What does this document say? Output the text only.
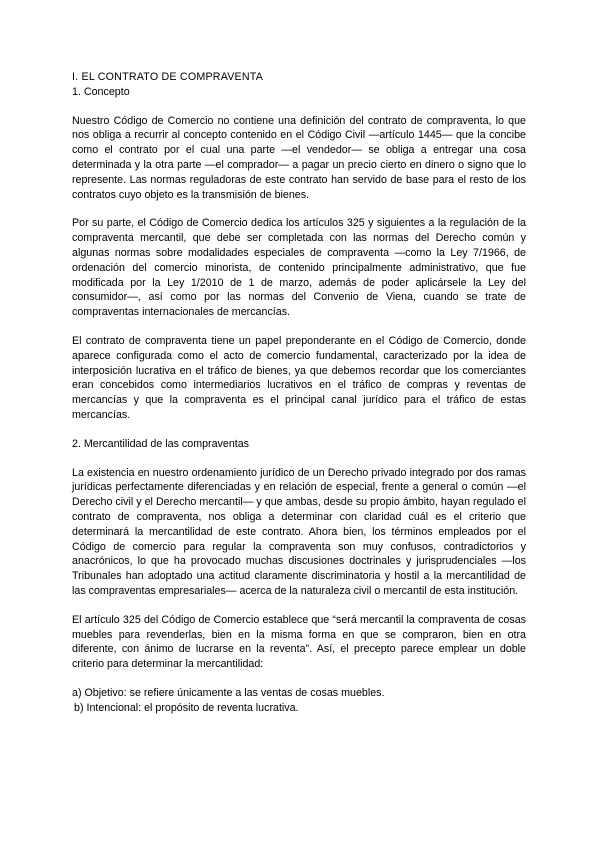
I. EL CONTRATO DE COMPRAVENTA
1. Concepto

Nuestro Código de Comercio no contiene una definición del contrato de compraventa, lo que nos obliga a recurrir al concepto contenido en el Código Civil —artículo 1445— que la concibe como el contrato por el cual una parte —el vendedor— se obliga a entregar una cosa determinada y la otra parte —el comprador— a pagar un precio cierto en dinero o signo que lo represente. Las normas reguladoras de este contrato han servido de base para el resto de los contratos cuyo objeto es la transmisión de bienes.

Por su parte, el Código de Comercio dedica los artículos 325 y siguientes a la regulación de la compraventa mercantil, que debe ser completada con las normas del Derecho común y algunas normas sobre modalidades especiales de compraventa —como la Ley 7/1966, de ordenación del comercio minorista, de contenido principalmente administrativo, que fue modificada por la Ley 1/2010 de 1 de marzo, además de poder aplicársele la Ley del consumidor—, así como por las normas del Convenio de Viena, cuando se trate de compraventas internacionales de mercancías.

El contrato de compraventa tiene un papel preponderante en el Código de Comercio, donde aparece configurada como el acto de comercio fundamental, caracterizado por la idea de interposición lucrativa en el tráfico de bienes, ya que debemos recordar que los comerciantes eran concebidos como intermediarios lucrativos en el tráfico de compras y reventas de mercancías y que la compraventa es el principal canal jurídico para el tráfico de estas mercancías.

2. Mercantilidad de las compraventas

La existencia en nuestro ordenamiento jurídico de un Derecho privado integrado por dos ramas jurídicas perfectamente diferenciadas y en relación de especial, frente a general o común —el Derecho civil y el Derecho mercantil— y que ambas, desde su propio ámbito, hayan regulado el contrato de compraventa, nos obliga a determinar con claridad cuál es el criterio que determinará la mercantilidad de este contrato. Ahora bien, los términos empleados por el Código de comercio para regular la compraventa son muy confusos, contradictorios y anacrónicos, lo que ha provocado muchas discusiones doctrinales y jurisprudenciales —los Tribunales han adoptado una actitud claramente discriminatoria y hostil a la mercantilidad de las compraventas empresariales— acerca de la naturaleza civil o mercantil de esta institución.

El artículo 325 del Código de Comercio establece que “será mercantil la compraventa de cosas muebles para revenderlas, bien en la misma forma en que se compraron, bien en otra diferente, con ánimo de lucrarse en la reventa”. Así, el precepto parece emplear un doble criterio para determinar la mercantilidad:

a) Objetivo: se refiere únicamente a las ventas de cosas muebles.
b) Intencional: el propósito de reventa lucrativa.
